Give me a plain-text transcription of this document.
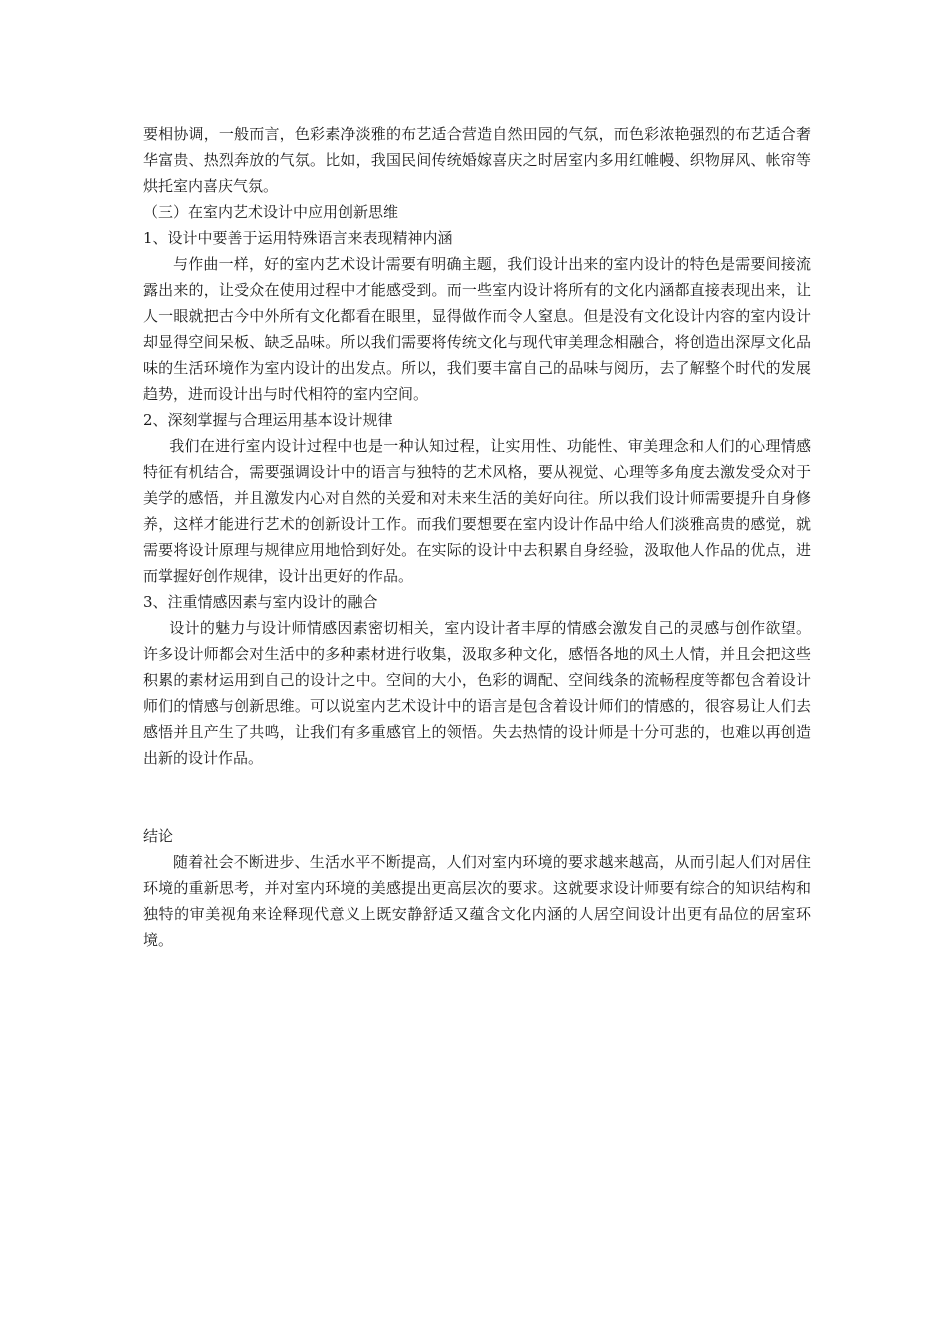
要相协调，一般而言，色彩素净淡雅的布艺适合营造自然田园的气氛，而色彩浓艳强烈的布艺适合奢华富贵、热烈奔放的气氛。比如，我国民间传统婚嫁喜庆之时居室内多用红帷幔、织物屏风、帐帘等烘托室内喜庆气氛。

（三）在室内艺术设计中应用创新思维

1、设计中要善于运用特殊语言来表现精神内涵

与作曲一样，好的室内艺术设计需要有明确主题，我们设计出来的室内设计的特色是需要间接流露出来的，让受众在使用过程中才能感受到。而一些室内设计将所有的文化内涵都直接表现出来，让人一眼就把古今中外所有文化都看在眼里，显得做作而令人窒息。但是没有文化设计内容的室内设计却显得空间呆板、缺乏品味。所以我们需要将传统文化与现代审美理念相融合，将创造出深厚文化品味的生活环境作为室内设计的出发点。所以，我们要丰富自己的品味与阅历，去了解整个时代的发展趋势，进而设计出与时代相符的室内空间。

2、深刻掌握与合理运用基本设计规律

我们在进行室内设计过程中也是一种认知过程，让实用性、功能性、审美理念和人们的心理情感特征有机结合，需要强调设计中的语言与独特的艺术风格，要从视觉、心理等多角度去激发受众对于美学的感悟，并且激发内心对自然的关爱和对未来生活的美好向往。所以我们设计师需要提升自身修养，这样才能进行艺术的创新设计工作。而我们要想要在室内设计作品中给人们淡雅高贵的感觉，就需要将设计原理与规律应用地恰到好处。在实际的设计中去积累自身经验，汲取他人作品的优点，进而掌握好创作规律，设计出更好的作品。

3、注重情感因素与室内设计的融合

设计的魅力与设计师情感因素密切相关，室内设计者丰厚的情感会激发自己的灵感与创作欲望。许多设计师都会对生活中的多种素材进行收集，汲取多种文化，感悟各地的风土人情，并且会把这些积累的素材运用到自己的设计之中。空间的大小，色彩的调配、空间线条的流畅程度等都包含着设计师们的情感与创新思维。可以说室内艺术设计中的语言是包含着设计师们的情感的，很容易让人们去感悟并且产生了共鸣，让我们有多重感官上的领悟。失去热情的设计师是十分可悲的，也难以再创造出新的设计作品。

结论

随着社会不断进步、生活水平不断提高，人们对室内环境的要求越来越高，从而引起人们对居住环境的重新思考，并对室内环境的美感提出更高层次的要求。这就要求设计师要有综合的知识结构和独特的审美视角来诠释现代意义上既安静舒适又蕴含文化内涵的人居空间设计出更有品位的居室环境。
